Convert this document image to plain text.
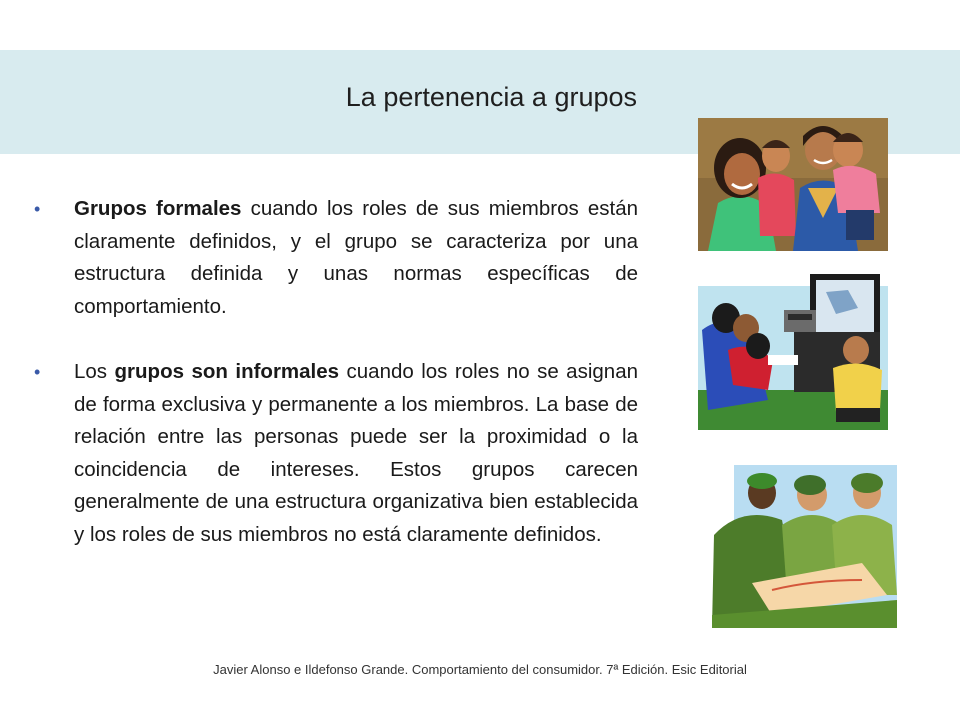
La pertenencia a grupos
• Grupos formales cuando los roles de sus miembros están claramente definidos, y el grupo se caracteriza por una estructura definida y unas normas específicas de comportamiento.
• Los grupos son informales cuando los roles no se asignan de forma exclusiva y permanente a los miembros. La base de relación entre las personas puede ser la proximidad o la coincidencia de intereses. Estos grupos carecen generalmente de una estructura organizativa bien establecida y los roles de sus miembros no está claramente definidos.
Javier Alonso e Ildefonso Grande. Comportamiento del consumidor. 7ª Edición. Esic Editorial
